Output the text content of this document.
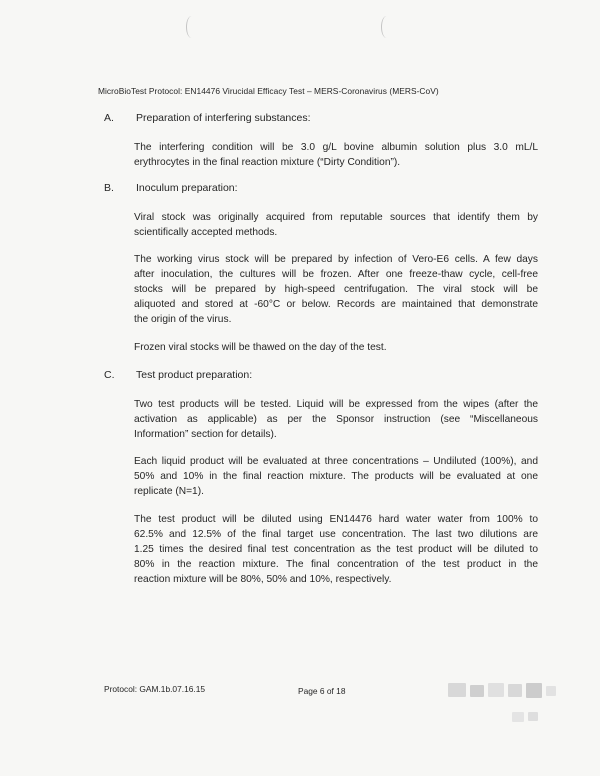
MicroBioTest Protocol: EN14476 Virucidal Efficacy Test – MERS-Coronavirus (MERS-CoV)
A. Preparation of interfering substances:
The interfering condition will be 3.0 g/L bovine albumin solution plus 3.0 mL/L
erythrocytes in the final reaction mixture (“Dirty Condition”).
B. Inoculum preparation:
Viral stock was originally acquired from reputable sources that identify them by
scientifically accepted methods.
The working virus stock will be prepared by infection of Vero-E6 cells. A few days
after inoculation, the cultures will be frozen. After one freeze-thaw cycle, cell-free
stocks will be prepared by high-speed centrifugation. The viral stock will be
aliquoted and stored at -60°C or below. Records are maintained that demonstrate
the origin of the virus.
Frozen viral stocks will be thawed on the day of the test.
C. Test product preparation:
Two test products will be tested. Liquid will be expressed from the wipes (after the
activation as applicable) as per the Sponsor instruction (see “Miscellaneous
Information” section for details).
Each liquid product will be evaluated at three concentrations – Undiluted (100%), and
50% and 10% in the final reaction mixture. The products will be evaluated at one
replicate (N=1).
The test product will be diluted using EN14476 hard water water from 100% to
62.5% and 12.5% of the final target use concentration. The last two dilutions are
1.25 times the desired final test concentration as the test product will be diluted to
80% in the reaction mixture. The final concentration of the test product in the
reaction mixture will be 80%, 50% and 10%, respectively.
Protocol: GAM.1b.07.16.15	Page 6 of 18
